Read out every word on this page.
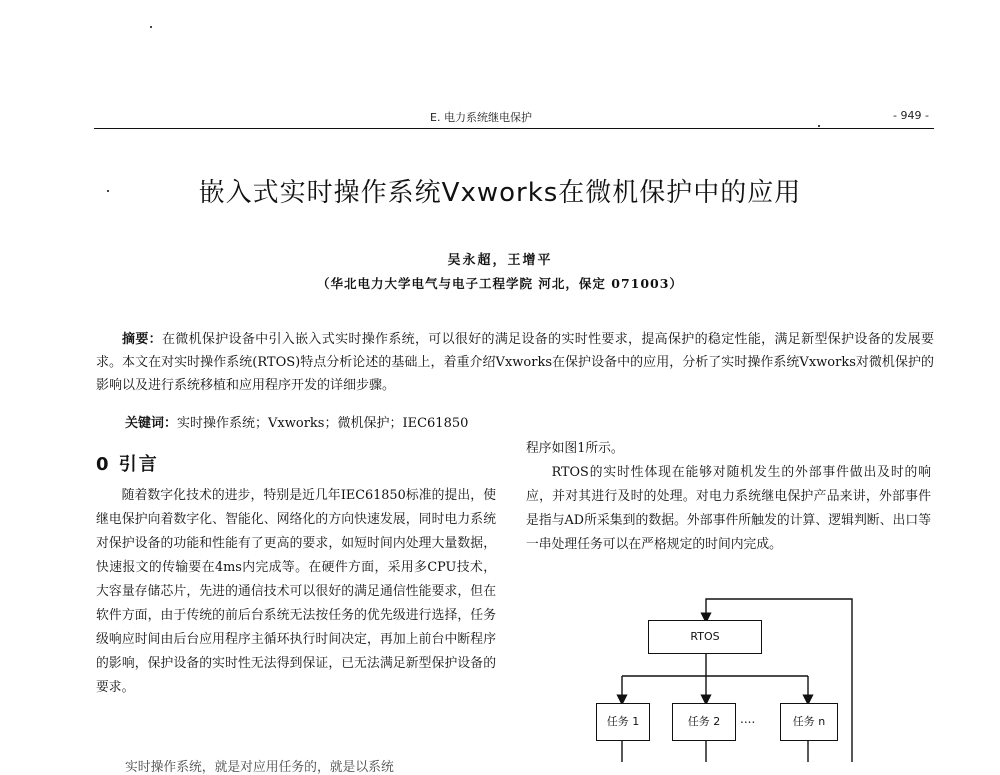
E. 电力系统继电保护	- 949 -
嵌入式实时操作系统Vxworks在微机保护中的应用
吴永超，王增平
（华北电力大学电气与电子工程学院 河北，保定 071003）
摘要：在微机保护设备中引入嵌入式实时操作系统，可以很好的满足设备的实时性要求，提高保护的稳定性能，满足新型保护设备的发展要求。本文在对实时操作系统(RTOS)特点分析论述的基础上，着重介绍Vxworks在保护设备中的应用，分析了实时操作系统Vxworks对微机保护的影响以及进行系统移植和应用程序开发的详细步骤。
关键词：实时操作系统；Vxworks；微机保护；IEC61850
0 引言

随着数字化技术的进步，特别是近几年IEC61850标准的提出，使继电保护向着数字化、智能化、网络化的方向快速发展，同时电力系统对保护设备的功能和性能有了更高的要求，如短时间内处理大量数据，快速报文的传输要在4ms内完成等。在硬件方面，采用多CPU技术，大容量存储芯片，先进的通信技术可以很好的满足通信性能要求，但在软件方面，由于传统的前后台系统无法按任务的优先级进行选择，任务级响应时间由后台应用程序主循环执行时间决定，再加上前台中断程序的影响，保护设备的实时性无法得到保证，已无法满足新型保护设备的要求。

实时操作系统，就是对应用任务的，就是以系统

程序如图1所示。

RTOS的实时性体现在能够对随机发生的外部事件做出及时的响应，并对其进行及时的处理。对电力系统继电保护产品来讲，外部事件是指与AD所采集到的数据。外部事件所触发的计算、逻辑判断、出口等一串处理任务可以在严格规定的时间内完成。

RTOS
任务 1	任务 2	....	任务 n
